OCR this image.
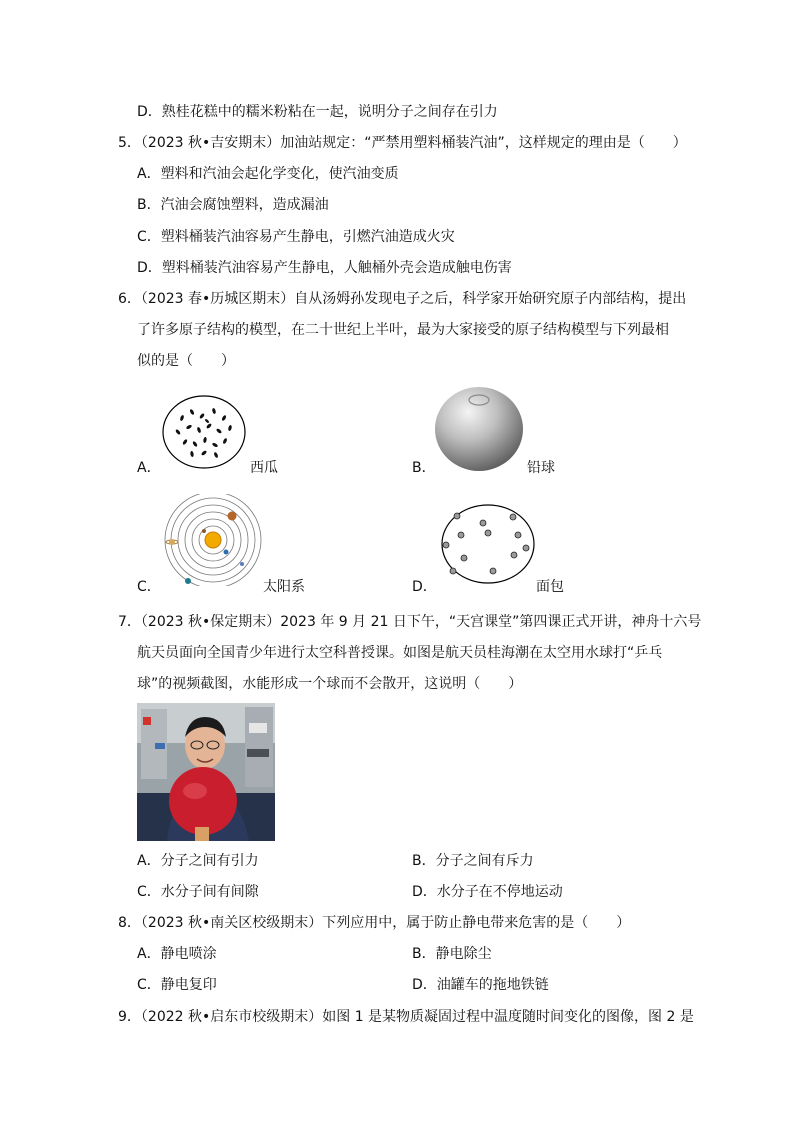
D．熟桂花糕中的糯米粉粘在一起，说明分子之间存在引力
5．（2023 秋•吉安期末）加油站规定：“严禁用塑料桶装汽油”，这样规定的理由是（　　）
A．塑料和汽油会起化学变化，使汽油变质
B．汽油会腐蚀塑料，造成漏油
C．塑料桶装汽油容易产生静电，引燃汽油造成火灾
D．塑料桶装汽油容易产生静电，人触桶外壳会造成触电伤害
6．（2023 春•历城区期末）自从汤姆孙发现电子之后，科学家开始研究原子内部结构，提出
了许多原子结构的模型，在二十世纪上半叶，最为大家接受的原子结构模型与下列最相
似的是（　　）
A．	西瓜	B．	铅球
C．	太阳系	D．	面包
7．（2023 秋•保定期末）2023 年 9 月 21 日下午，“天宫课堂”第四课正式开讲，神舟十六号
航天员面向全国青少年进行太空科普授课。如图是航天员桂海潮在太空用水球打“乒乓
球”的视频截图，水能形成一个球而不会散开，这说明（　　）
A．分子之间有引力	B．分子之间有斥力
C．水分子间有间隙	D．水分子在不停地运动
8．（2023 秋•南关区校级期末）下列应用中，属于防止静电带来危害的是（　　）
A．静电喷涂	B．静电除尘
C．静电复印	D．油罐车的拖地铁链
9．（2022 秋•启东市校级期末）如图 1 是某物质凝固过程中温度随时间变化的图像，图 2 是
